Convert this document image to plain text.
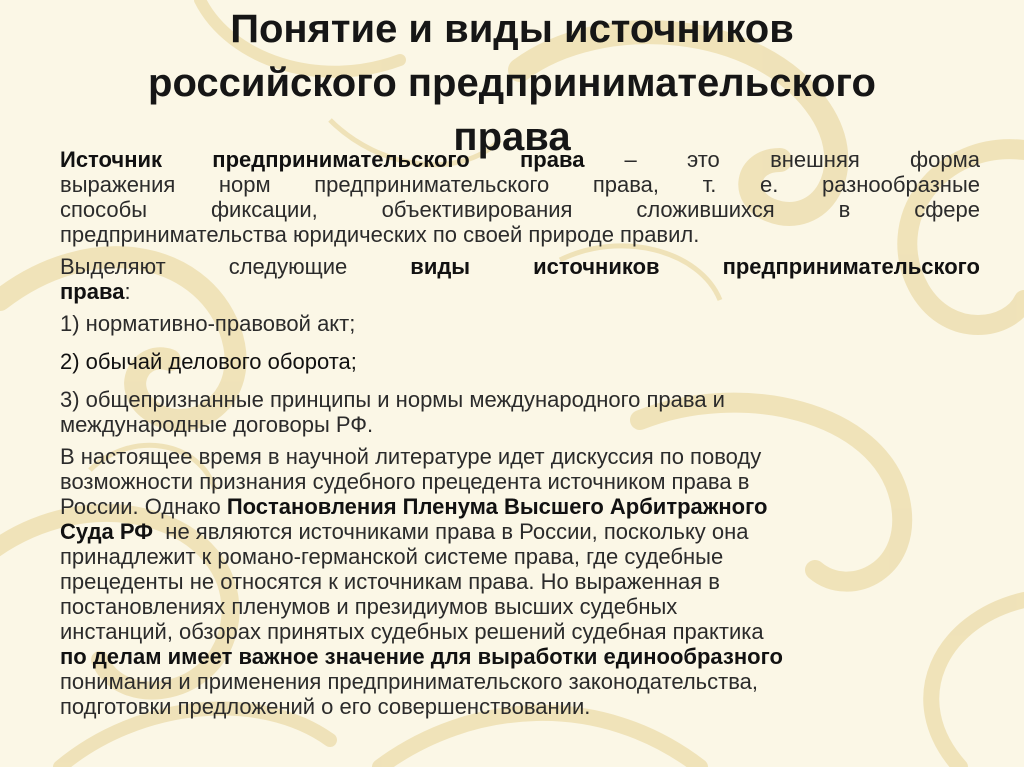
Понятие и виды источников
российского предпринимательского
права

Источник предпринимательского права – это внешняя форма
выражения норм предпринимательского права, т. е. разнообразные
способы фиксации, объективирования сложившихся в сфере
предпринимательства юридических по своей природе правил.

Выделяют следующие	виды источников предпринимательского
права:

1) нормативно-правовой акт;

2) обычай делового оборота;

3) общепризнанные принципы и нормы международного права и
международные договоры РФ.

В настоящее время в научной литературе идет дискуссия по поводу
возможности признания судебного прецедента источником права в
России. Однако Постановления Пленума Высшего Арбитражного
Суда РФ не являются источниками права в России, поскольку она
принадлежит к романо-германской системе права, где судебные
прецеденты не относятся к источникам права. Но выраженная в
постановлениях пленумов и президиумов высших судебных
инстанций, обзорах принятых судебных решений судебная практика
по делам имеет важное значение для выработки единообразного
понимания и применения предпринимательского законодательства,
подготовки предложений о его совершенствовании.
